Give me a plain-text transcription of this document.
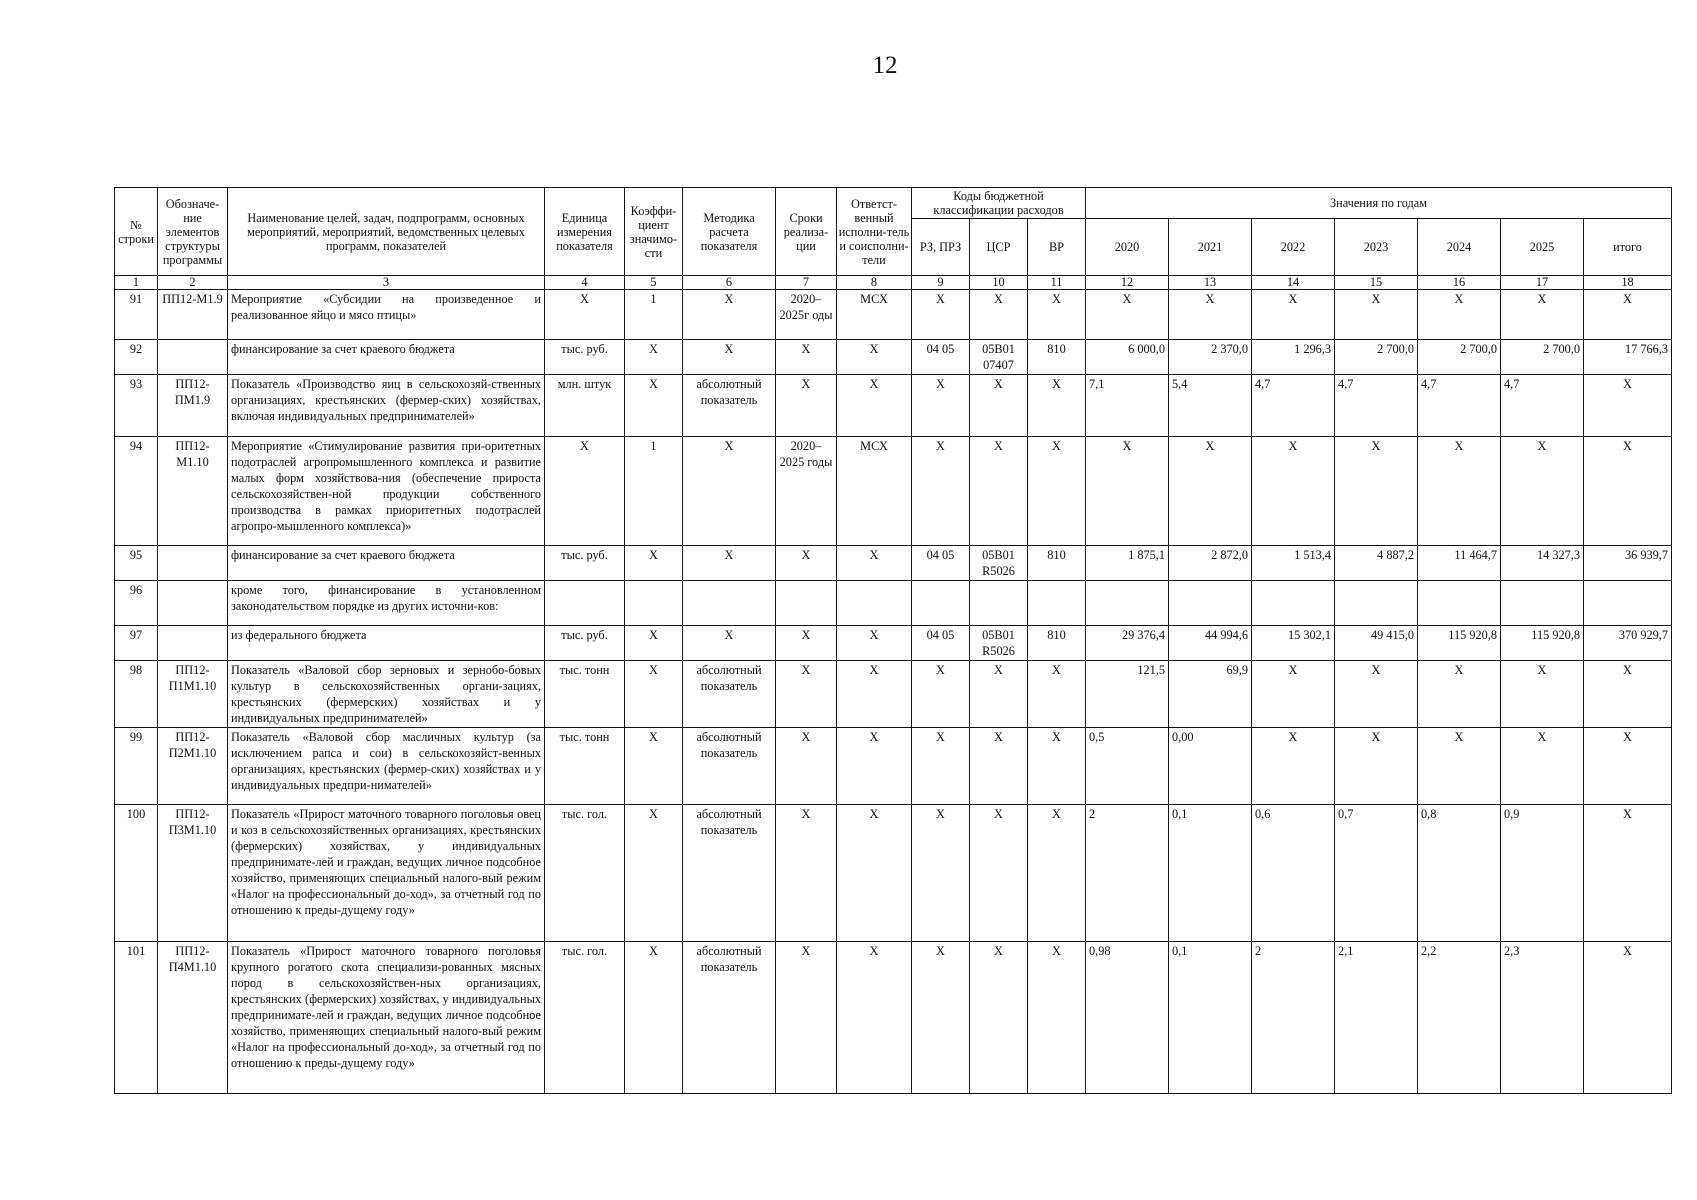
12
№ строки	Обозначе-ние элементов структуры программы	Наименование целей, задач, подпрограмм, основных мероприятий, мероприятий, ведомственных целевых программ, показателей	Единица измерения показателя	Коэффи-циент значимо-сти	Методика расчета показателя	Сроки реализа-ции	Ответст-венный исполни-тель и соисполни-тели	Коды бюджетной классификации расходов			Значения по годам						
								РЗ, ПРЗ	ЦСР	ВР	2020	2021	2022	2023	2024	2025	итого
1	2	3	4	5	6	7	8	9	10	11	12	13	14	15	16	17	18
91	ПП12-М1.9	Мероприятие «Субсидии на произведенное и реализованное яйцо и мясо птицы»	X	1	X	2020–2025г оды	МСХ	X	X	X	X	X	X	X	X	X	X
92		финансирование за счет краевого бюджета	тыс. руб.	X	X	X	X	04 05	05В01 07407	810	6 000,0	2 370,0	1 296,3	2 700,0	2 700,0	2 700,0	17 766,3
93	ПП12-ПМ1.9	Показатель «Производство яиц в сельскохозяй-ственных организациях, крестьянских (фермер-ских) хозяйствах, включая индивидуальных предпринимателей»	млн. штук	X	абсолютный показатель	X	X	X	X	X	7,1	5,4	4,7	4,7	4,7	4,7	X
94	ПП12-М1.10	Мероприятие «Стимулирование развития при-оритетных подотраслей агропромышленного комплекса и развитие малых форм хозяйствова-ния (обеспечение прироста сельскохозяйствен-ной продукции собственного производства в рамках приоритетных подотраслей агропро-мышленного комплекса)»	X	1	X	2020–2025 годы	МСХ	X	X	X	X	X	X	X	X	X	X
95		финансирование за счет краевого бюджета	тыс. руб.	X	X	X	X	04 05	05В01 R5026	810	1 875,1	2 872,0	1 513,4	4 887,2	11 464,7	14 327,3	36 939,7
96		кроме того, финансирование в установленном законодательством порядке из других источни-ков:															
97		из федерального бюджета	тыс. руб.	X	X	X	X	04 05	05В01 R5026	810	29 376,4	44 994,6	15 302,1	49 415,0	115 920,8	115 920,8	370 929,7
98	ПП12-П1М1.10	Показатель «Валовой сбор зерновых и зернобо-бовых культур в сельскохозяйственных органи-зациях, крестьянских (фермерских) хозяйствах и у индивидуальных предпринимателей»	тыс. тонн	X	абсолютный показатель	X	X	X	X	X	121,5	69,9	X	X	X	X	X
99	ПП12-П2М1.10	Показатель «Валовой сбор масличных культур (за исключением рапса и сои) в сельскохозяйст-венных организациях, крестьянских (фермер-ских) хозяйствах и у индивидуальных предпри-нимателей»	тыс. тонн	X	абсолютный показатель	X	X	X	X	X	0,5	0,00	X	X	X	X	X
100	ПП12-П3М1.10	Показатель «Прирост маточного товарного поголовья овец и коз в сельскохозяйственных организациях, крестьянских (фермерских) хозяйствах, у индивидуальных предпринимате-лей и граждан, ведущих личное подсобное хозяйство, применяющих специальный налого-вый режим «Налог на профессиональный до-ход», за отчетный год по отношению к преды-дущему году»	тыс. гол.	X	абсолютный показатель	X	X	X	X	X	2	0,1	0,6	0,7	0,8	0,9	X
101	ПП12-П4М1.10	Показатель «Прирост маточного товарного поголовья крупного рогатого скота специализи-рованных мясных пород в сельскохозяйствен-ных организациях, крестьянских (фермерских) хозяйствах, у индивидуальных предпринимате-лей и граждан, ведущих личное подсобное хозяйство, применяющих специальный налого-вый режим «Налог на профессиональный до-ход», за отчетный год по отношению к преды-дущему году»	тыс. гол.	X	абсолютный показатель	X	X	X	X	X	0,98	0,1	2	2,1	2,2	2,3	X
